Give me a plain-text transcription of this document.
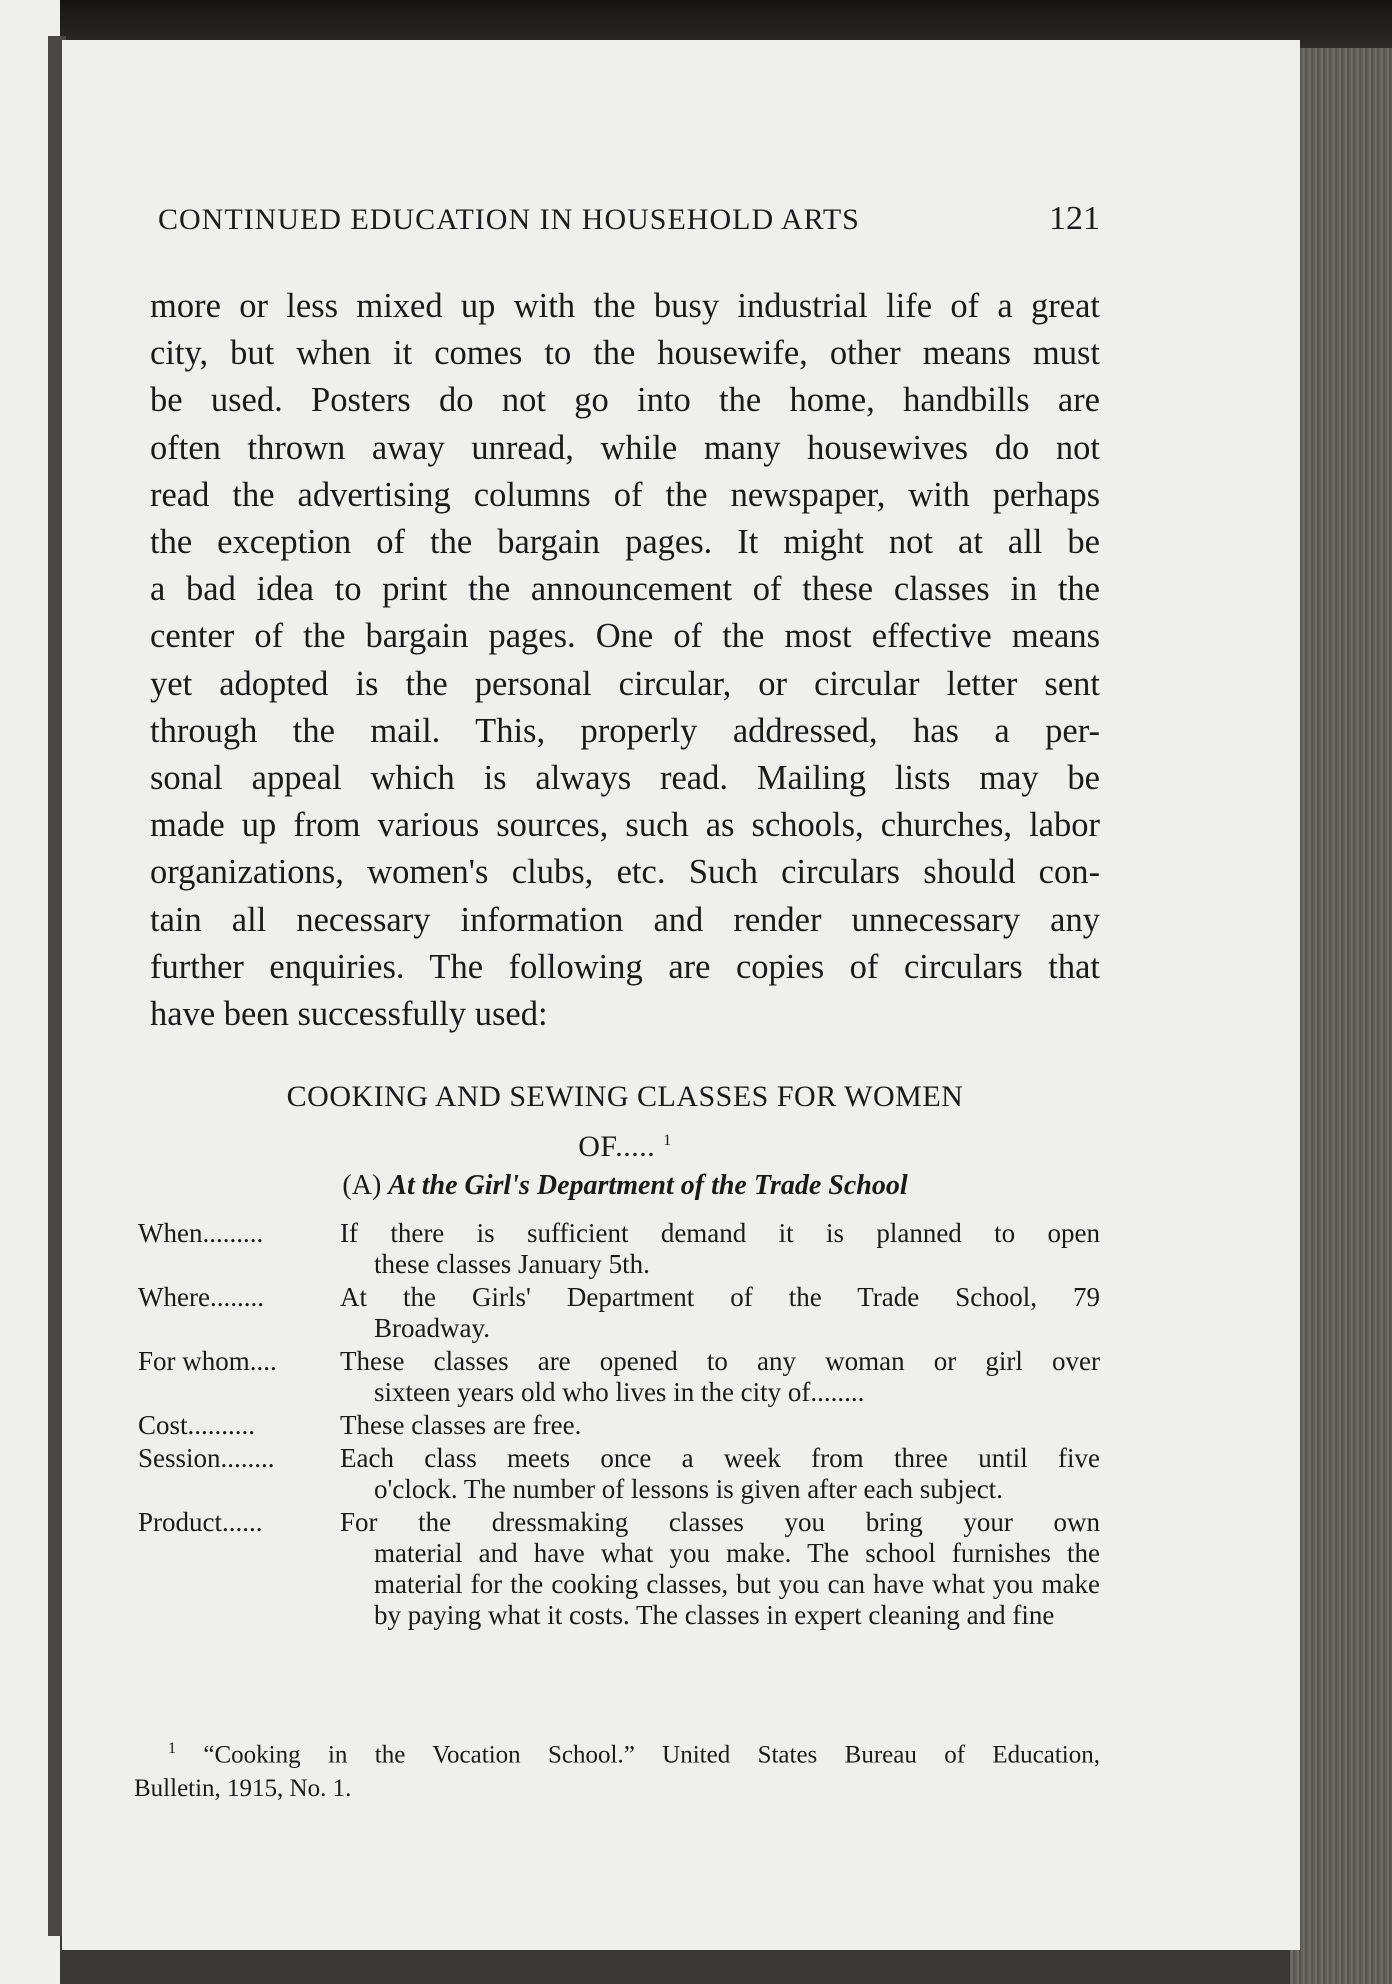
CONTINUED EDUCATION IN HOUSEHOLD ARTS	121
more or less mixed up with the busy industrial life of a great
city, but when it comes to the housewife, other means must
be used. Posters do not go into the home, handbills are
often thrown away unread, while many housewives do not
read the advertising columns of the newspaper, with perhaps
the exception of the bargain pages. It might not at all be
a bad idea to print the announcement of these classes in the
center of the bargain pages. One of the most effective means
yet adopted is the personal circular, or circular letter sent
through the mail. This, properly addressed, has a per-
sonal appeal which is always read. Mailing lists may be
made up from various sources, such as schools, churches, labor
organizations, women's clubs, etc. Such circulars should con-
tain all necessary information and render unnecessary any
further enquiries. The following are copies of circulars that
have been successfully used:
COOKING AND SEWING CLASSES FOR WOMEN
OF..... $^1$
(A) At the Girl's Department of the Trade School
When.........	If there is sufficient demand it is planned to open
these classes January 5th.
Where........	At the Girls' Department of the Trade School, 79
Broadway.
For whom....	These classes are opened to any woman or girl over
sixteen years old who lives in the city of........
Cost..........	These classes are free.
Session........	Each class meets once a week from three until five
o'clock. The number of lessons is given after each subject.
Product......	For the dressmaking classes you bring your own
material and have what you make. The school furnishes the material for the cooking classes, but you can have what you make by paying what it costs. The classes in expert cleaning and fine
$^1$ “Cooking in the Vocation School.” United States Bureau of Education,
Bulletin, 1915, No. 1.
